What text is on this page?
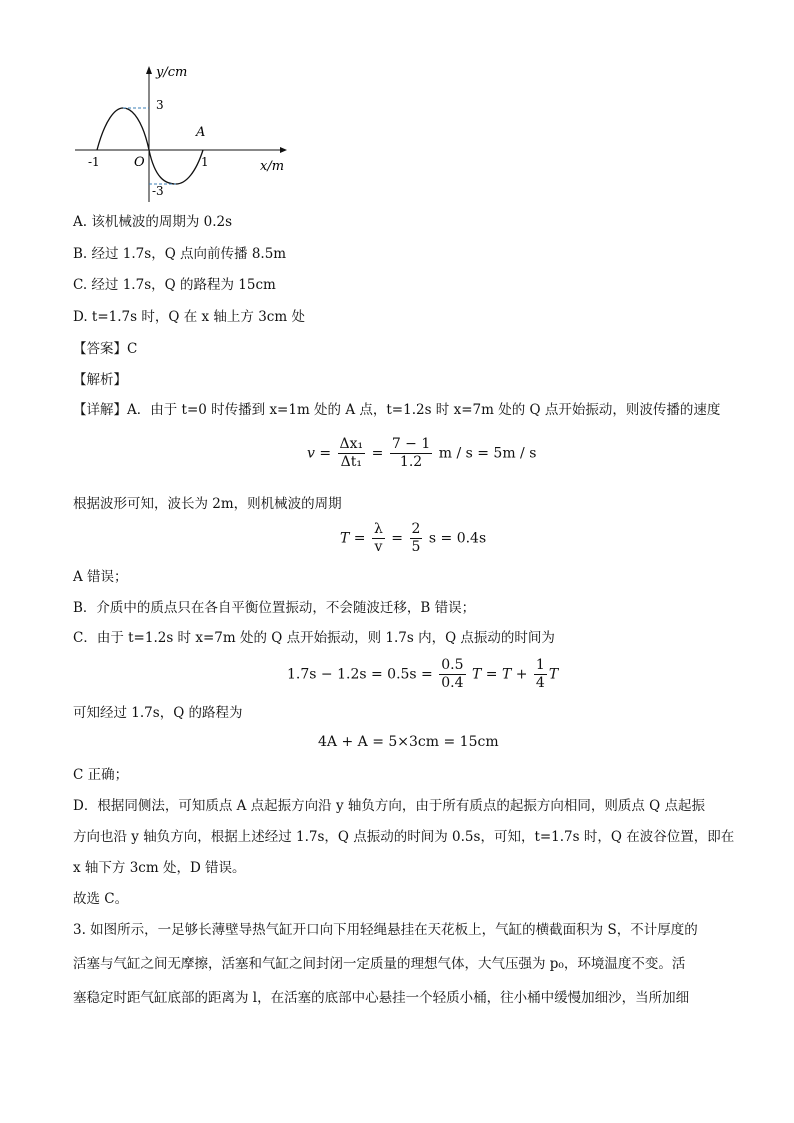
y/cm
3
-3
-1	O	1
A
x/m
A. 该机械波的周期为 0.2s
B. 经过 1.7s，Q 点向前传播 8.5m
C. 经过 1.7s，Q 的路程为 15cm
D. t=1.7s 时，Q 在 x 轴上方 3cm 处
【答案】C
【解析】
【详解】A．由于 t=0 时传播到 x=1m 处的 A 点，t=1.2s 时 x=7m 处的 Q 点开始振动，则波传播的速度
$v = \frac{\text{Δx₁}}{\text{Δt₁}} = \frac{7 - 1}{1.2}$ m / s = 5m / s
根据波形可知，波长为 2m，则机械波的周期
$T = \frac{\lambda}{v} = \frac{2}{5}$ s = 0.4s
A 错误；
B．介质中的质点只在各自平衡位置振动，不会随波迁移，B 错误；
C．由于 t=1.2s 时 x=7m 处的 Q 点开始振动，则 1.7s 内，Q 点振动的时间为
$1.7s - 1.2s = 0.5s = \frac{0.5}{0.4}$ $T = T + \frac{1}{4}$ T
可知经过 1.7s，Q 的路程为
4A + A = 5×3cm = 15cm
C 正确；
D．根据同侧法，可知质点 A 点起振方向沿 y 轴负方向，由于所有质点的起振方向相同，则质点 Q 点起振
方向也沿 y 轴负方向，根据上述经过 1.7s，Q 点振动的时间为 0.5s，可知，t=1.7s 时，Q 在波谷位置，即在
x 轴下方 3cm 处，D 错误。
故选 C。
3. 如图所示，一足够长薄壁导热气缸开口向下用轻绳悬挂在天花板上，气缸的横截面积为 S，不计厚度的
活塞与气缸之间无摩擦，活塞和气缸之间封闭一定质量的理想气体，大气压强为 p₀，环境温度不变。活
塞稳定时距气缸底部的距离为 l，在活塞的底部中心悬挂一个轻质小桶，往小桶中缓慢加细沙，当所加细
